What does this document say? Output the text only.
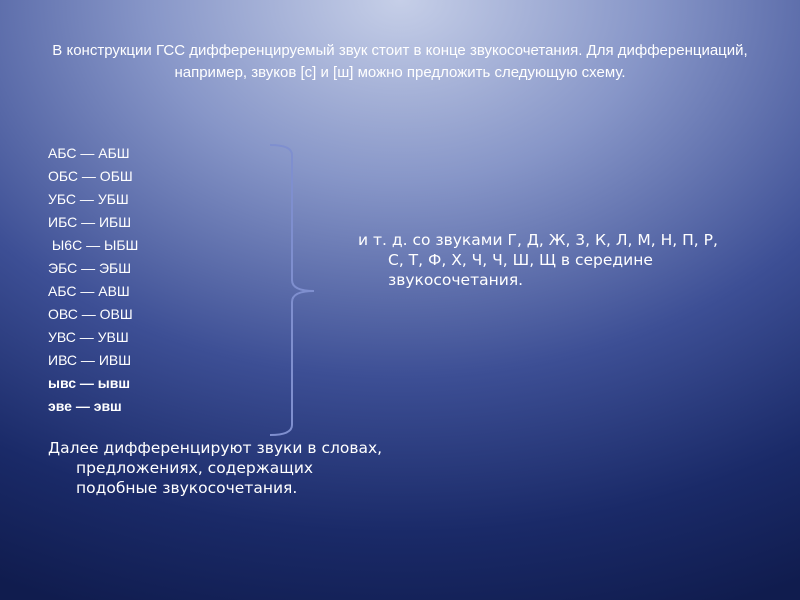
В конструкции ГСС дифференцируемый звук стоит в конце звукосочетания. Для дифференциаций, например, звуков [с] и [ш] можно предложить следующую схему.
АБС — АБШ
ОБС — ОБШ
УБС — УБШ
ИБС — ИБШ
Ы6С — ЫБШ
ЭБС — ЭБШ
АБС — АВШ
ОВС — ОВШ
УВС — УВШ
ИВС — ИВШ
ывс — ывш
эве — эвш
и т. д. со звуками Г, Д, Ж, 3, К, Л, М, Н, П, Р, С, Т, Ф, Х, Ч, Ч, Ш, Щ в середине звукосочетания.
Далее дифференцируют звуки в словах, предложениях, содержащих подобные звукосочетания.
